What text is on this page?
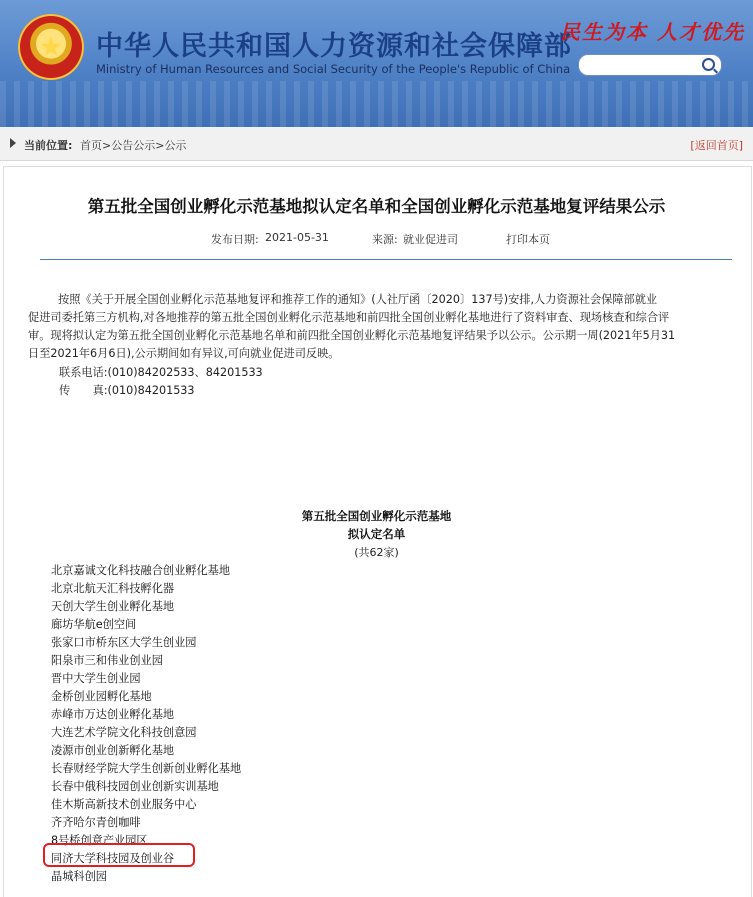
中华人民共和国人力资源和社会保障部
Ministry of Human Resources and Social Security of the People's Republic of China
民生为本 人才优先
当前位置: 首页>公告公示>公示	[返回首页]
第五批全国创业孵化示范基地拟认定名单和全国创业孵化示范基地复评结果公示
发布日期: 2021-05-31	来源: 就业促进司	打印本页
按照《关于开展全国创业孵化示范基地复评和推荐工作的通知》(人社厅函〔2020〕137号)安排,人力资源社会保障部就业
促进司委托第三方机构,对各地推荐的第五批全国创业孵化示范基地和前四批全国创业孵化基地进行了资料审查、现场核查和综合评
审。现将拟认定为第五批全国创业孵化示范基地名单和前四批全国创业孵化示范基地复评结果予以公示。公示期一周(2021年5月31
日至2021年6月6日),公示期间如有异议,可向就业促进司反映。
联系电话:(010)84202533、84201533
传　　真:(010)84201533
第五批全国创业孵化示范基地
拟认定名单
(共62家)
北京嘉诚文化科技融合创业孵化基地
北京北航天汇科技孵化器
天创大学生创业孵化基地
廊坊华航e创空间
张家口市桥东区大学生创业园
阳泉市三和伟业创业园
晋中大学生创业园
金桥创业园孵化基地
赤峰市万达创业孵化基地
大连艺术学院文化科技创意园
凌源市创业创新孵化基地
长春财经学院大学生创新创业孵化基地
长春中俄科技园创业创新实训基地
佳木斯高新技术创业服务中心
齐齐哈尔青创咖啡
8号桥创意产业园区
同济大学科技园及创业谷
晶城科创园
